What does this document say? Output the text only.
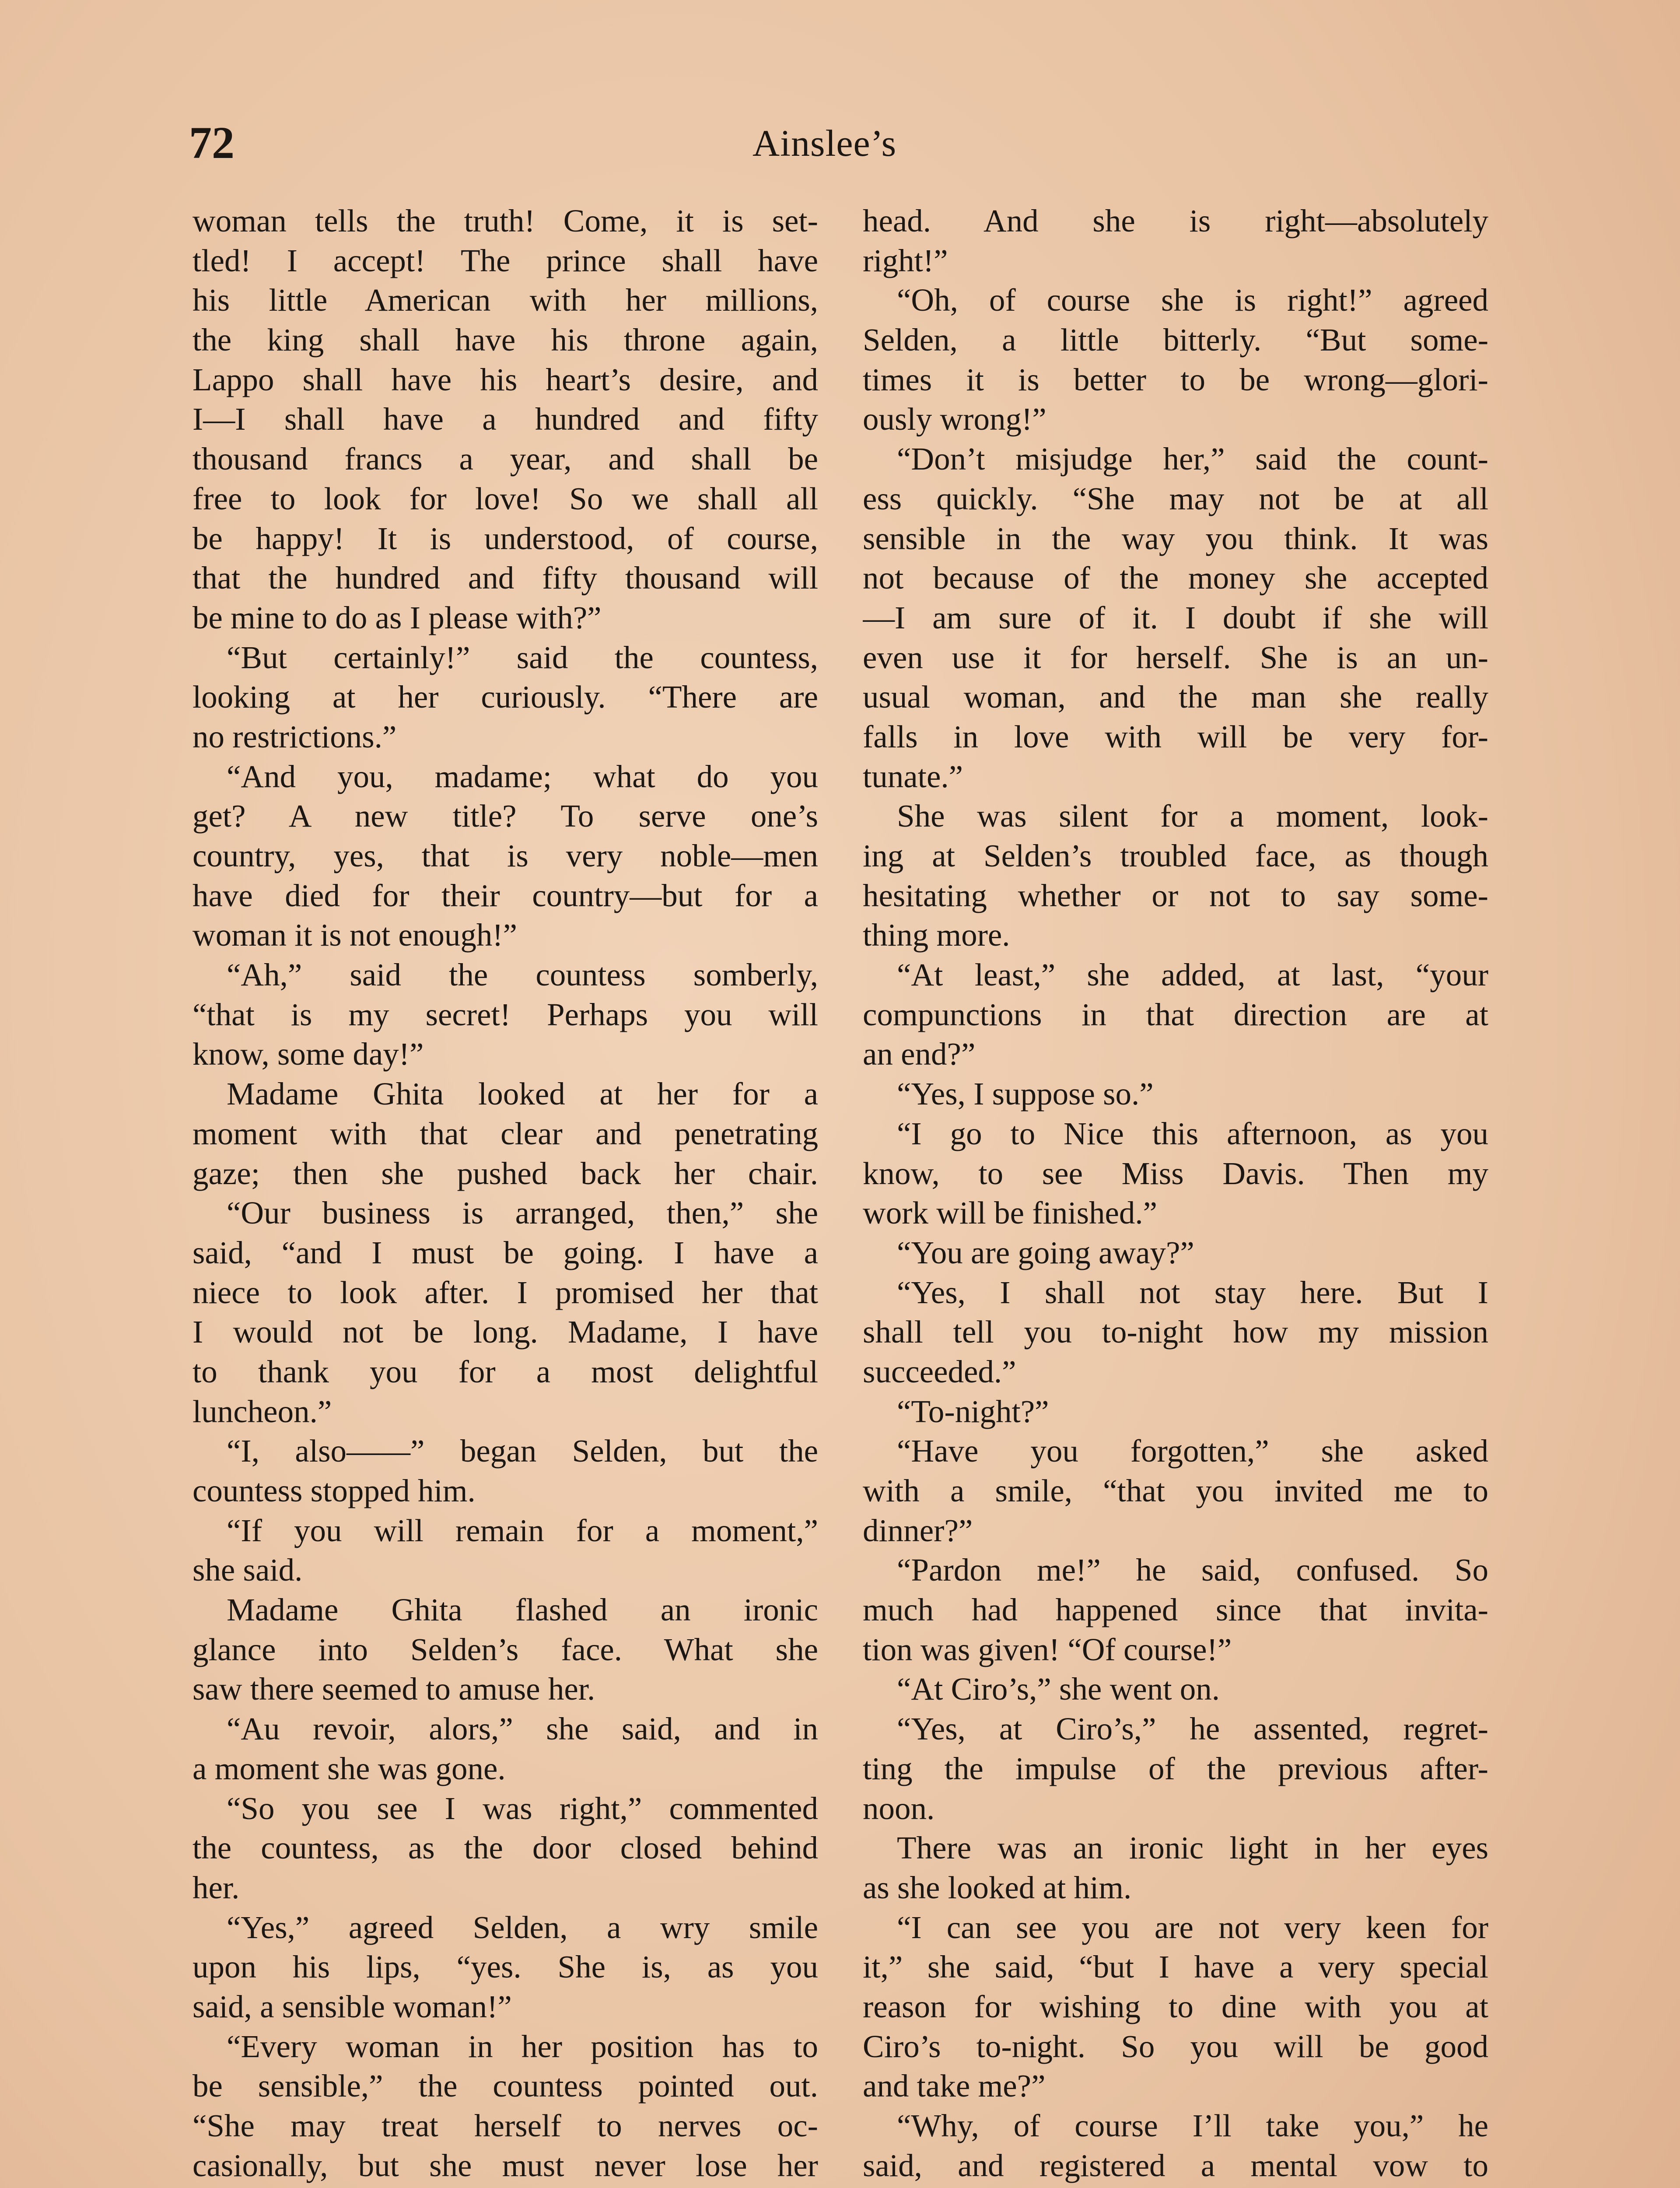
72	Ainslee’s
woman tells the truth! Come, it is set-
tled! I accept! The prince shall have
his little American with her millions,
the king shall have his throne again,
Lappo shall have his heart’s desire, and
I—I shall have a hundred and fifty
thousand francs a year, and shall be
free to look for love! So we shall all
be happy! It is understood, of course,
that the hundred and fifty thousand will
be mine to do as I please with?”
“But certainly!” said the countess,
looking at her curiously. “There are
no restrictions.”
“And you, madame; what do you
get? A new title? To serve one’s
country, yes, that is very noble—men
have died for their country—but for a
woman it is not enough!”
“Ah,” said the countess somberly,
“that is my secret! Perhaps you will
know, some day!”
Madame Ghita looked at her for a
moment with that clear and penetrating
gaze; then she pushed back her chair.
“Our business is arranged, then,” she
said, “and I must be going. I have a
niece to look after. I promised her that
I would not be long. Madame, I have
to thank you for a most delightful
luncheon.”
“I, also——” began Selden, but the
countess stopped him.
“If you will remain for a moment,”
she said.
Madame Ghita flashed an ironic
glance into Selden’s face. What she
saw there seemed to amuse her.
“Au revoir, alors,” she said, and in
a moment she was gone.
“So you see I was right,” commented
the countess, as the door closed behind
her.
“Yes,” agreed Selden, a wry smile
upon his lips, “yes. She is, as you
said, a sensible woman!”
“Every woman in her position has to
be sensible,” the countess pointed out.
“She may treat herself to nerves oc-
casionally, but she must never lose her
head. And she is right—absolutely
right!”
“Oh, of course she is right!” agreed
Selden, a little bitterly. “But some-
times it is better to be wrong—glori-
ously wrong!”
“Don’t misjudge her,” said the count-
ess quickly. “She may not be at all
sensible in the way you think. It was
not because of the money she accepted
—I am sure of it. I doubt if she will
even use it for herself. She is an un-
usual woman, and the man she really
falls in love with will be very for-
tunate.”
She was silent for a moment, look-
ing at Selden’s troubled face, as though
hesitating whether or not to say some-
thing more.
“At least,” she added, at last, “your
compunctions in that direction are at
an end?”
“Yes, I suppose so.”
“I go to Nice this afternoon, as you
know, to see Miss Davis. Then my
work will be finished.”
“You are going away?”
“Yes, I shall not stay here. But I
shall tell you to-night how my mission
succeeded.”
“To-night?”
“Have you forgotten,” she asked
with a smile, “that you invited me to
dinner?”
“Pardon me!” he said, confused. So
much had happened since that invita-
tion was given! “Of course!”
“At Ciro’s,” she went on.
“Yes, at Ciro’s,” he assented, regret-
ting the impulse of the previous after-
noon.
There was an ironic light in her eyes
as she looked at him.
“I can see you are not very keen for
it,” she said, “but I have a very special
reason for wishing to dine with you at
Ciro’s to-night. So you will be good
and take me?”
“Why, of course I’ll take you,” he
said, and registered a mental vow to
